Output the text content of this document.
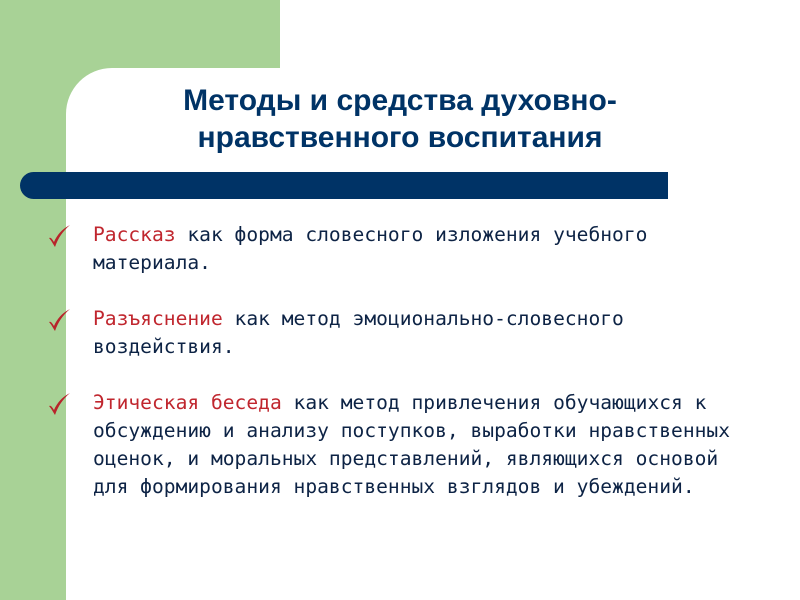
Методы и средства духовно-
нравственного воспитания
Рассказ как форма словесного изложения учебного материала.
Разъяснение как метод эмоционально-словесного воздействия.
Этическая беседа как метод привлечения обучающихся к обсуждению и анализу поступков, выработки нравственных оценок, и моральных представлений, являющихся основой для формирования нравственных взглядов и убеждений.
